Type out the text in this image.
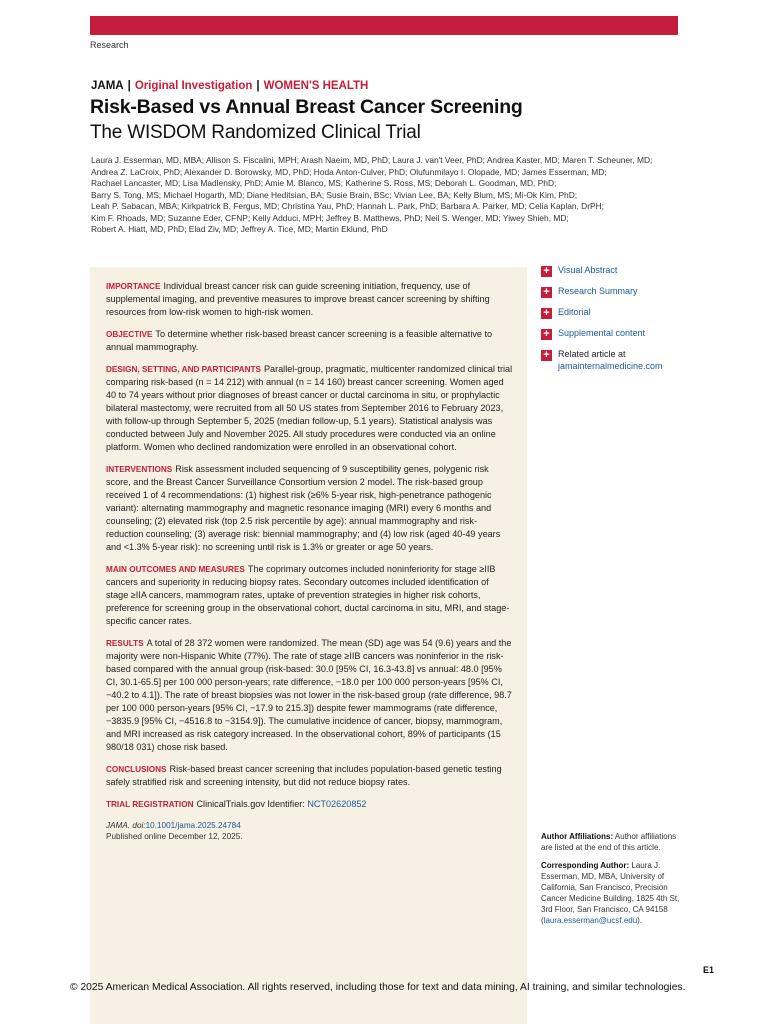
Research
JAMA | Original Investigation | WOMEN'S HEALTH
Risk-Based vs Annual Breast Cancer Screening
The WISDOM Randomized Clinical Trial
Laura J. Esserman, MD, MBA; Allison S. Fiscalini, MPH; Arash Naeim, MD, PhD; Laura J. van't Veer, PhD; Andrea Kaster, MD; Maren T. Scheuner, MD;
Andrea Z. LaCroix, PhD; Alexander D. Borowsky, MD, PhD; Hoda Anton-Culver, PhD; Olufunmilayo I. Olopade, MD; James Esserman, MD;
Rachael Lancaster, MD; Lisa Madlensky, PhD; Amie M. Blanco, MS; Katherine S. Ross, MS; Deborah L. Goodman, MD, PhD;
Barry S. Tong, MS; Michael Hogarth, MD; Diane Heditsian, BA; Susie Brain, BSc; Vivian Lee, BA; Kelly Blum, MS; Mi-Ok Kim, PhD;
Leah P. Sabacan, MBA; Kirkpatrick B. Fergus, MD; Christina Yau, PhD; Hannah L. Park, PhD; Barbara A. Parker, MD; Celia Kaplan, DrPH;
Kim F. Rhoads, MD; Suzanne Eder, CFNP; Kelly Adduci, MPH; Jeffrey B. Matthews, PhD; Neil S. Wenger, MD; Yiwey Shieh, MD;
Robert A. Hiatt, MD, PhD; Elad Ziv, MD; Jeffrey A. Tice, MD; Martin Eklund, PhD

IMPORTANCE Individual breast cancer risk can guide screening initiation, frequency, use of supplemental imaging, and preventive measures to improve breast cancer screening by shifting resources from low-risk women to high-risk women.

OBJECTIVE To determine whether risk-based breast cancer screening is a feasible alternative to annual mammography.

DESIGN, SETTING, AND PARTICIPANTS Parallel-group, pragmatic, multicenter randomized clinical trial comparing risk-based (n = 14 212) with annual (n = 14 160) breast cancer screening. Women aged 40 to 74 years without prior diagnoses of breast cancer or ductal carcinoma in situ, or prophylactic bilateral mastectomy, were recruited from all 50 US states from September 2016 to February 2023, with follow-up through September 5, 2025 (median follow-up, 5.1 years). Statistical analysis was conducted between July and November 2025. All study procedures were conducted via an online platform. Women who declined randomization were enrolled in an observational cohort.

INTERVENTIONS Risk assessment included sequencing of 9 susceptibility genes, polygenic risk score, and the Breast Cancer Surveillance Consortium version 2 model. The risk-based group received 1 of 4 recommendations: (1) highest risk (≥6% 5-year risk, high-penetrance pathogenic variant): alternating mammography and magnetic resonance imaging (MRI) every 6 months and counseling; (2) elevated risk (top 2.5 risk percentile by age): annual mammography and risk-reduction counseling; (3) average risk: biennial mammography; and (4) low risk (aged 40-49 years and <1.3% 5-year risk): no screening until risk is 1.3% or greater or age 50 years.

MAIN OUTCOMES AND MEASURES The coprimary outcomes included noninferiority for stage ≥IIB cancers and superiority in reducing biopsy rates. Secondary outcomes included identification of stage ≥IIA cancers, mammogram rates, uptake of prevention strategies in higher risk cohorts, preference for screening group in the observational cohort, ductal carcinoma in situ, MRI, and stage-specific cancer rates.

RESULTS A total of 28 372 women were randomized. The mean (SD) age was 54 (9.6) years and the majority were non-Hispanic White (77%). The rate of stage ≥IIB cancers was noninferior in the risk-based compared with the annual group (risk-based: 30.0 [95% CI, 16.3-43.8] vs annual: 48.0 [95% CI, 30.1-65.5] per 100 000 person-years; rate difference, −18.0 per 100 000 person-years [95% CI, −40.2 to 4.1]). The rate of breast biopsies was not lower in the risk-based group (rate difference, 98.7 per 100 000 person-years [95% CI, −17.9 to 215.3]) despite fewer mammograms (rate difference, −3835.9 [95% CI, −4516.8 to −3154.9]). The cumulative incidence of cancer, biopsy, mammogram, and MRI increased as risk category increased. In the observational cohort, 89% of participants (15 980/18 031) chose risk based.

CONCLUSIONS Risk-based breast cancer screening that includes population-based genetic testing safely stratified risk and screening intensity, but did not reduce biopsy rates.

TRIAL REGISTRATION ClinicalTrials.gov Identifier: NCT02620852

JAMA. doi:10.1001/jama.2025.24784
Published online December 12, 2025.
+ Visual Abstract
+ Research Summary
+ Editorial
+ Supplemental content
+ Related article at
jamainternalmedicine.com

Author Affiliations: Author affiliations are listed at the end of this article.

Corresponding Author: Laura J. Esserman, MD, MBA, University of California, San Francisco, Precision Cancer Medicine Building, 1825 4th St, 3rd Floor, San Francisco, CA 94158 (laura.esserman@ucsf.edu).

E1
© 2025 American Medical Association. All rights reserved, including those for text and data mining, AI training, and similar technologies.
